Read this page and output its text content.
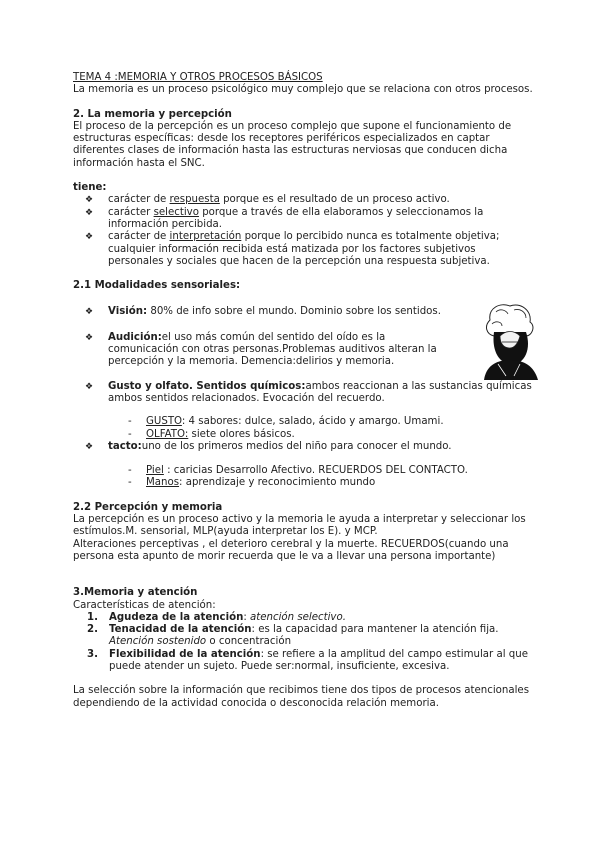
TEMA 4 :MEMORIA Y OTROS PROCESOS BÁSICOS

La memoria es un proceso psicológico muy complejo que se relaciona con otros procesos.

2. La memoria y percepción

El proceso de la percepción es un proceso complejo que supone el funcionamiento de estructuras específicas: desde los receptores periféricos especializados en captar diferentes clases de información hasta las estructuras nerviosas que conducen dicha información hasta el SNC.

tiene:

❖ carácter de respuesta porque es el resultado de un proceso activo.
❖ carácter selectivo porque a través de ella elaboramos y seleccionamos la información percibida.
❖ carácter de interpretación porque lo percibido nunca es totalmente objetiva; cualquier información recibida está matizada por los factores subjetivos personales y sociales que hacen de la percepción una respuesta subjetiva.

2.1 Modalidades sensoriales:

❖ Visión: 80% de info sobre el mundo. Dominio sobre los sentidos.
❖ Audición:el uso más común del sentido del oído es la comunicación con otras personas.Problemas auditivos alteran la percepción y la memoria. Demencia:delirios y memoria.
❖ Gusto y olfato. Sentidos químicos:ambos reaccionan a las sustancias químicas ambos sentidos relacionados. Evocación del recuerdo.
- GUSTO: 4 sabores: dulce, salado, ácido y amargo. Umami.
- OLFATO: siete olores básicos.
❖ tacto:uno de los primeros medios del niño para conocer el mundo.
- Piel : caricias Desarrollo Afectivo. RECUERDOS DEL CONTACTO.
- Manos: aprendizaje y reconocimiento mundo

2.2 Percepción y memoria

La percepción es un proceso activo y la memoria le ayuda a interpretar y seleccionar los estímulos.M. sensorial, MLP(ayuda interpretar los E). y MCP.

Alteraciones perceptivas , el deterioro cerebral y la muerte. RECUERDOS(cuando una persona esta apunto de morir recuerda que le va a llevar una persona importante)

3.Memoria y atención

Características de atención:

1. Agudeza de la atención: atención selectivo.
2. Tenacidad de la atención: es la capacidad para mantener la atención fija. Atención sostenido o concentración
3. Flexibilidad de la atención: se refiere a la amplitud del campo estimular al que puede atender un sujeto. Puede ser:normal, insuficiente, excesiva.

La selección sobre la información que recibimos tiene dos tipos de procesos atencionales dependiendo de la actividad conocida o desconocida relación memoria.
